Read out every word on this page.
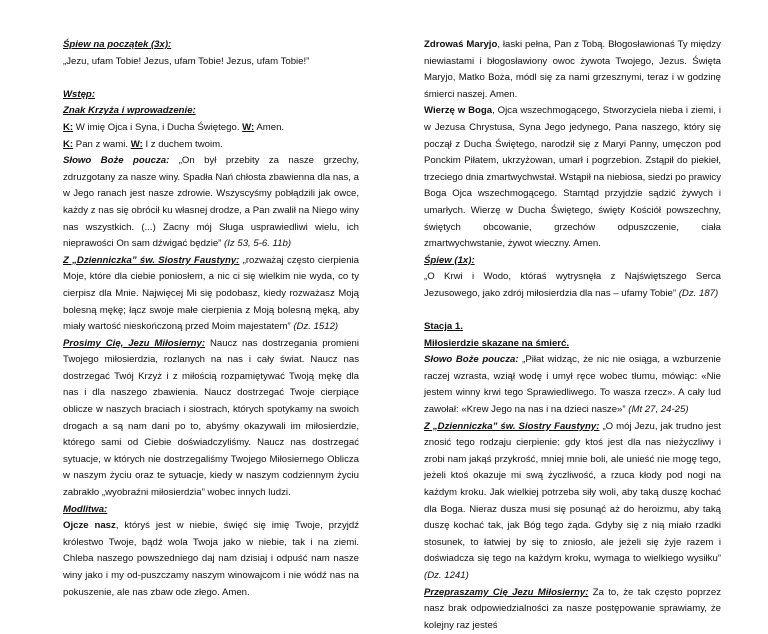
Śpiew na początek (3x):

„Jezu, ufam Tobie! Jezus, ufam Tobie! Jezus, ufam Tobie!”

Wstęp:

Znak Krzyża i wprowadzenie:

K: W imię Ojca i Syna, i Ducha Świętego. W: Amen.

K: Pan z wami. W: I z duchem twoim.

Słowo Boże poucza: „On był przebity za nasze grzechy, zdruzgotany za nasze winy. Spadła Nań chłosta zbawienna dla nas, a w Jego ranach jest nasze zdrowie. Wszyscyśmy pobłądzili jak owce, każdy z nas się obrócił ku własnej drodze, a Pan zwalił na Niego winy nas wszystkich. (...) Zacny mój Sługa usprawiedliwi wielu, ich nieprawości On sam dźwigać będzie” (Iz 53, 5-6. 11b)

Z „Dzienniczka” św. Siostry Faustyny: „rozważaj często cierpienia Moje, które dla ciebie poniosłem, a nic ci się wielkim nie wyda, co ty cierpisz dla Mnie. Najwięcej Mi się podobasz, kiedy rozważasz Moją bolesną mękę; łącz swoje małe cierpienia z Moją bolesną męką, aby miały wartość nieskończoną przed Moim majestatem” (Dz. 1512)

Prosimy Cię, Jezu Miłosierny: Naucz nas dostrzegania promieni Twojego miłosierdzia, rozlanych na nas i cały świat. Naucz nas dostrzegać Twój Krzyż i z miłością rozpamiętywać Twoją mękę dla nas i dla naszego zbawienia. Naucz dostrzegać Twoje cierpiące oblicze w naszych braciach i siostrach, których spotykamy na swoich drogach a są nam dani po to, abyśmy okazywali im miłosierdzie, którego sami od Ciebie doświadczyliśmy. Naucz nas dostrzegać sytuacje, w których nie dostrzegaliśmy Twojego Miłosiernego Oblicza w naszym życiu oraz te sytuacje, kiedy w naszym codziennym życiu zabrakło „wyobraźni miłosierdzia” wobec innych ludzi.

Modlitwa:

Ojcze nasz, któryś jest w niebie, święć się imię Twoje, przyjdź królestwo Twoje, bądź wola Twoja jako w niebie, tak i na ziemi. Chleba naszego powszedniego daj nam dzisiaj i odpuść nam nasze winy jako i my od-puszczamy naszym winowajcom i nie wódź nas na pokuszenie, ale nas zbaw ode złego. Amen.

Zdrowaś Maryjo, łaski pełna, Pan z Tobą. Błogosławionaś Ty między niewiastami i błogosławiony owoc żywota Twojego, Jezus. Święta Maryjo, Matko Boża, módl się za nami grzesznymi, teraz i w godzinę śmierci naszej. Amen.

Wierzę w Boga, Ojca wszechmogącego, Stworzyciela nieba i ziemi, i w Jezusa Chrystusa, Syna Jego jedynego, Pana naszego, który się począł z Ducha Świętego, narodził się z Maryi Panny, umęczon pod Ponckim Piłatem, ukrzyżowan, umarł i pogrzebion. Zstąpił do piekieł, trzeciego dnia zmartwychwstał. Wstąpił na niebiosa, siedzi po prawicy Boga Ojca wszechmogącego. Stamtąd przyjdzie sądzić żywych i umarłych. Wierzę w Ducha Świętego, święty Kościół powszechny, świętych obcowanie, grzechów odpuszczenie, ciała zmartwychwstanie, żywot wieczny. Amen.

Śpiew (1x):

„O Krwi i Wodo, któraś wytrysnęła z Najświętszego Serca Jezusowego, jako zdrój miłosierdzia dla nas – ufamy Tobie” (Dz. 187)

Stacja 1.

Miłosierdzie skazane na śmierć.

Słowo Boże poucza: „Piłat widząc, że nic nie osiąga, a wzburzenie raczej wzrasta, wziął wodę i umył ręce wobec tłumu, mówiąc: «Nie jestem winny krwi tego Sprawiedliwego. To wasza rzecz». A cały lud zawołał: «Krew Jego na nas i na dzieci nasze»” (Mt 27, 24-25)

Z „Dzienniczka” św. Siostry Faustyny: „O mój Jezu, jak trudno jest znosić tego rodzaju cierpienie: gdy ktoś jest dla nas nieżyczliwy i zrobi nam jakąś przykrość, mniej mnie boli, ale unieść nie mogę tego, jeżeli ktoś okazuje mi swą życzliwość, a rzuca kłody pod nogi na każdym kroku. Jak wielkiej potrzeba siły woli, aby taką duszę kochać dla Boga. Nieraz dusza musi się posunąć aż do heroizmu, aby taką duszę kochać tak, jak Bóg tego żąda. Gdyby się z nią miało rzadki stosunek, to łatwiej by się to zniosło, ale jeżeli się żyje razem i doświadcza się tego na każdym kroku, wymaga to wielkiego wysiłku” (Dz. 1241)

Przepraszamy Cię Jezu Miłosierny: Za to, że tak często poprzez nasz brak odpowiedzialności za nasze postępowanie sprawiamy, że kolejny raz jesteś
